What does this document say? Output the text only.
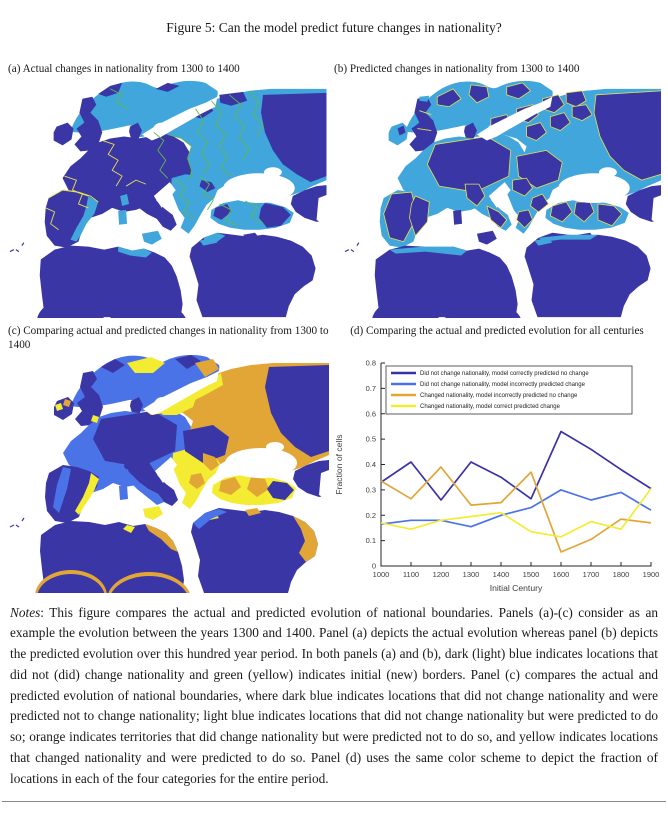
Figure 5: Can the model predict future changes in nationality?
(a) Actual changes in nationality from 1300 to 1400	(b) Predicted changes in nationality from 1300 to 1400
(c) Comparing actual and predicted changes in nationality from 1300 to 1400
(d) Comparing the actual and predicted evolution for all centuries
0
0.1
0.2
0.3
0.4
0.5
0.6
0.7
0.8
1000 1100 1200 1300 1400 1500 1600 1700 1800 1900
Initial Century
Fraction of cells
Did not change nationality, model correctly predicted no change
Did not change nationality, model incorrectly predicted change
Changed nationality, model incorrectly predicted no change
Changed nationality, model correct predicted change
Notes: This figure compares the actual and predicted evolution of national boundaries. Panels (a)-(c) consider as an example the evolution between the years 1300 and 1400. Panel (a) depicts the actual evolution whereas panel (b) depicts the predicted evolution over this hundred year period. In both panels (a) and (b), dark (light) blue indicates locations that did not (did) change nationality and green (yellow) indicates initial (new) borders. Panel (c) compares the actual and predicted evolution of national boundaries, where dark blue indicates locations that did not change nationality and were predicted not to change nationality; light blue indicates locations that did not change nationality but were predicted to do so; orange indicates territories that did change nationality but were predicted not to do so, and yellow indicates locations that changed nationality and were predicted to do so. Panel (d) uses the same color scheme to depict the fraction of locations in each of the four categories for the entire period.
